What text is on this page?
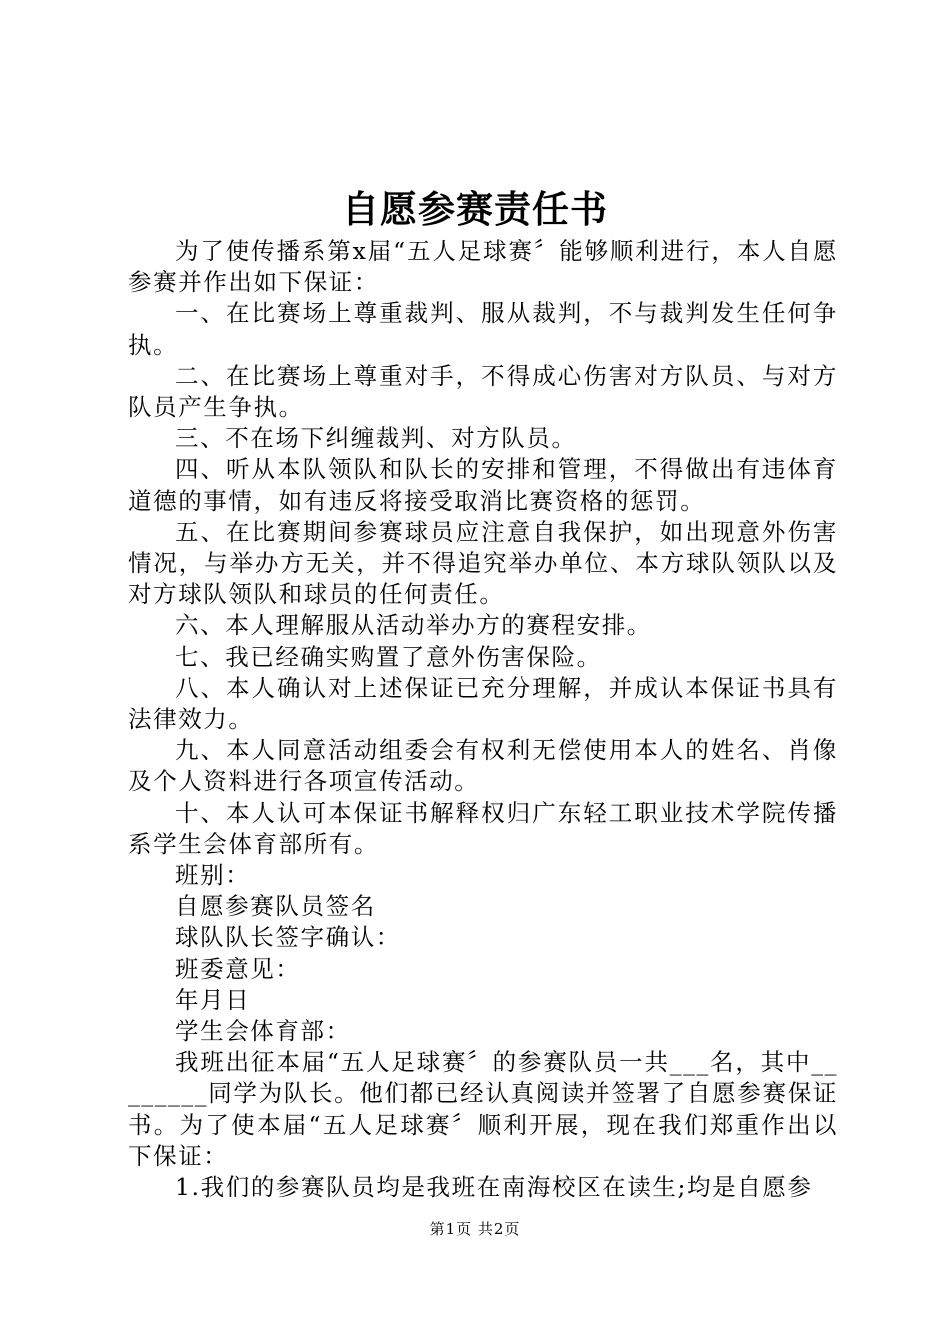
自愿参赛责任书

为了使传播系第x届“五人足球赛〞能够顺利进行，本人自愿参赛并作出如下保证：

一、在比赛场上尊重裁判、服从裁判，不与裁判发生任何争执。

二、在比赛场上尊重对手，不得成心伤害对方队员、与对方队员产生争执。

三、不在场下纠缠裁判、对方队员。

四、听从本队领队和队长的安排和管理，不得做出有违体育道德的事情，如有违反将接受取消比赛资格的惩罚。

五、在比赛期间参赛球员应注意自我保护，如出现意外伤害情况，与举办方无关，并不得追究举办单位、本方球队领队以及对方球队领队和球员的任何责任。

六、本人理解服从活动举办方的赛程安排。

七、我已经确实购置了意外伤害保险。

八、本人确认对上述保证已充分理解，并成认本保证书具有法律效力。

九、本人同意活动组委会有权利无偿使用本人的姓名、肖像及个人资料进行各项宣传活动。

十、本人认可本保证书解释权归广东轻工职业技术学院传播系学生会体育部所有。

班别：

自愿参赛队员签名

球队队长签字确认：

班委意见：

年月日

学生会体育部：

我班出征本届“五人足球赛〞的参赛队员一共___名，其中________同学为队长。他们都已经认真阅读并签署了自愿参赛保证书。为了使本届“五人足球赛〞顺利开展，现在我们郑重作出以下保证：

1.我们的参赛队员均是我班在南海校区在读生;均是自愿参

第1页 共2页
